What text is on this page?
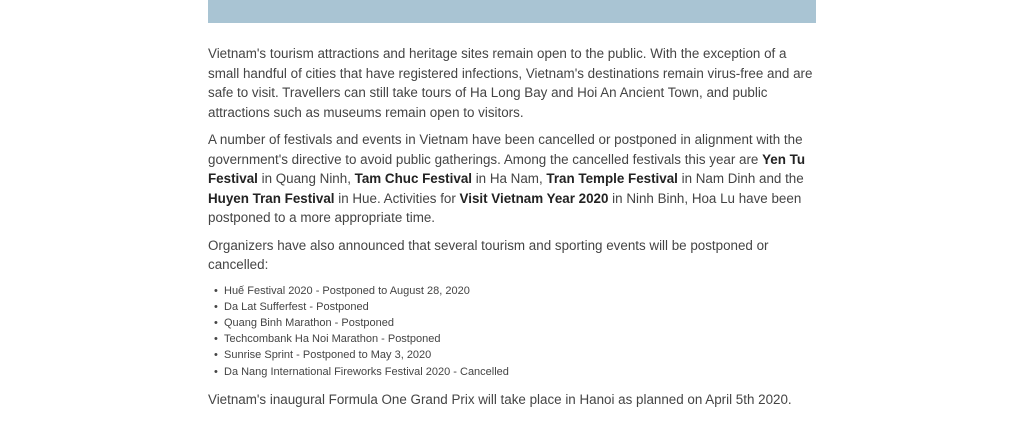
Vietnam's tourism attractions and heritage sites remain open to the public. With the exception of a small handful of cities that have registered infections, Vietnam's destinations remain virus-free and are safe to visit. Travellers can still take tours of Ha Long Bay and Hoi An Ancient Town, and public attractions such as museums remain open to visitors.

A number of festivals and events in Vietnam have been cancelled or postponed in alignment with the government's directive to avoid public gatherings. Among the cancelled festivals this year are Yen Tu Festival in Quang Ninh, Tam Chuc Festival in Ha Nam, Tran Temple Festival in Nam Dinh and the Huyen Tran Festival in Hue. Activities for Visit Vietnam Year 2020 in Ninh Binh, Hoa Lu have been postponed to a more appropriate time.

Organizers have also announced that several tourism and sporting events will be postponed or cancelled:

• Huế Festival 2020 - Postponed to August 28, 2020
• Da Lat Sufferfest - Postponed
• Quang Binh Marathon - Postponed
• Techcombank Ha Noi Marathon - Postponed
• Sunrise Sprint - Postponed to May 3, 2020
• Da Nang International Fireworks Festival 2020 - Cancelled

Vietnam's inaugural Formula One Grand Prix will take place in Hanoi as planned on April 5th 2020.
